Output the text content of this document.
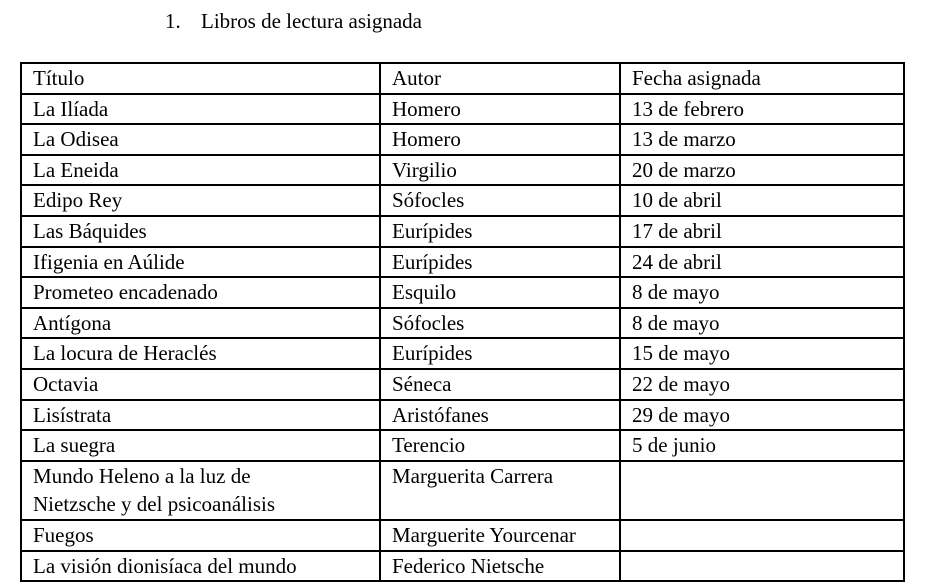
1. Libros de lectura asignada
Título	Autor	Fecha asignada
La Ilíada	Homero	13 de febrero
La Odisea	Homero	13 de marzo
La Eneida	Virgilio	20 de marzo
Edipo Rey	Sófocles	10 de abril
Las Báquides	Eurípides	17 de abril
Ifigenia en Aúlide	Eurípides	24 de abril
Prometeo encadenado	Esquilo	8 de mayo
Antígona	Sófocles	8 de mayo
La locura de Heraclés	Eurípides	15 de mayo
Octavia	Séneca	22 de mayo
Lisístrata	Aristófanes	29 de mayo
La suegra	Terencio	5 de junio

Mundo Heleno a la luz de
Nietzsche y del psicoanálisis	Marguerita Carrera	
Fuegos	Marguerite Yourcenar	
La visión dionisíaca del mundo	Federico Nietsche	
